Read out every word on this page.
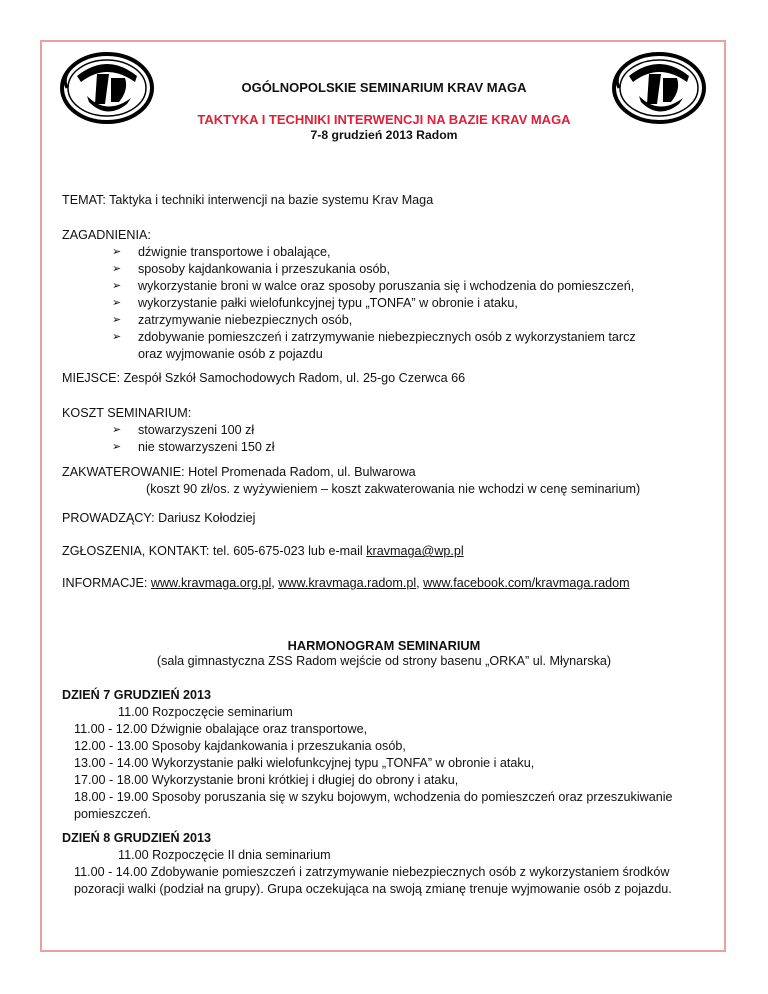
OGÓLNOPOLSKIE SEMINARIUM KRAV MAGA
TAKTYKA I TECHNIKI INTERWENCJI NA BAZIE KRAV MAGA
7-8 grudzień 2013 Radom
TEMAT: Taktyka i techniki interwencji na bazie systemu Krav Maga
ZAGADNIENIA:
➢ dźwignie transportowe i obalające,
➢ sposoby kajdankowania i przeszukania osób,
➢ wykorzystanie broni w walce oraz sposoby poruszania się i wchodzenia do pomieszczeń,
➢ wykorzystanie pałki wielofunkcyjnej typu „TONFA” w obronie i ataku,
➢ zatrzymywanie niebezpiecznych osób,
➢ zdobywanie pomieszczeń i zatrzymywanie niebezpiecznych osób z wykorzystaniem tarcz
oraz wyjmowanie osób z pojazdu
MIEJSCE: Zespół Szkół Samochodowych Radom, ul. 25-go Czerwca 66
KOSZT SEMINARIUM:
➢ stowarzyszeni 100 zł
➢ nie stowarzyszeni 150 zł
ZAKWATEROWANIE: Hotel Promenada Radom, ul. Bulwarowa
(koszt 90 zł/os. z wyżywieniem – koszt zakwaterowania nie wchodzi w cenę seminarium)
PROWADZĄCY: Dariusz Kołodziej
ZGŁOSZENIA, KONTAKT: tel. 605-675-023 lub e-mail kravmaga@wp.pl
INFORMACJE: www.kravmaga.org.pl, www.kravmaga.radom.pl, www.facebook.com/kravmaga.radom
HARMONOGRAM SEMINARIUM
(sala gimnastyczna ZSS Radom wejście od strony basenu „ORKA” ul. Młynarska)
DZIEŃ 7 GRUDZIEŃ 2013
11.00 Rozpoczęcie seminarium
11.00 - 12.00 Dźwignie obalające oraz transportowe,
12.00 - 13.00 Sposoby kajdankowania i przeszukania osób,
13.00 - 14.00 Wykorzystanie pałki wielofunkcyjnej typu „TONFA” w obronie i ataku,
17.00 - 18.00 Wykorzystanie broni krótkiej i długiej do obrony i ataku,
18.00 - 19.00 Sposoby poruszania się w szyku bojowym, wchodzenia do pomieszczeń oraz przeszukiwanie
pomieszczeń.
DZIEŃ 8 GRUDZIEŃ 2013
11.00 Rozpoczęcie II dnia seminarium
11.00 - 14.00 Zdobywanie pomieszczeń i zatrzymywanie niebezpiecznych osób z wykorzystaniem środków
pozoracji walki (podział na grupy). Grupa oczekująca na swoją zmianę trenuje wyjmowanie osób z pojazdu.
